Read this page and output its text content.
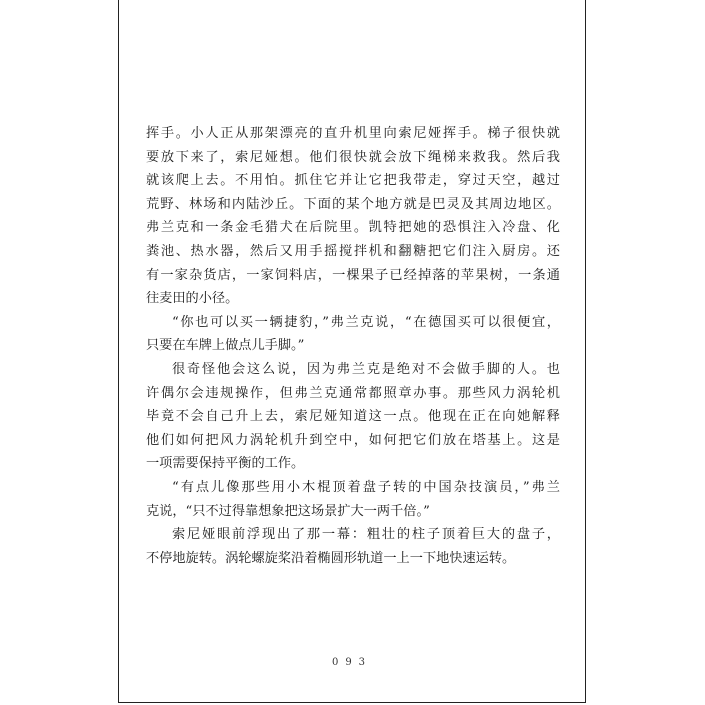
挥手。小人正从那架漂亮的直升机里向索尼娅挥手。梯子很快就
要放下来了，索尼娅想。他们很快就会放下绳梯来救我。然后我
就该爬上去。不用怕。抓住它并让它把我带走，穿过天空，越过
荒野、林场和内陆沙丘。下面的某个地方就是巴灵及其周边地区。
弗兰克和一条金毛猎犬在后院里。凯特把她的恐惧注入冷盘、化
粪池、热水器，然后又用手摇搅拌机和翻糖把它们注入厨房。还
有一家杂货店，一家饲料店，一棵果子已经掉落的苹果树，一条通
往麦田的小径。
“你也可以买一辆捷豹，”弗兰克说，“在德国买可以很便宜，
只要在车牌上做点儿手脚。”
很奇怪他会这么说，因为弗兰克是绝对不会做手脚的人。也
许偶尔会违规操作，但弗兰克通常都照章办事。那些风力涡轮机
毕竟不会自己升上去，索尼娅知道这一点。他现在正在向她解释
他们如何把风力涡轮机升到空中，如何把它们放在塔基上。这是
一项需要保持平衡的工作。
“有点儿像那些用小木棍顶着盘子转的中国杂技演员，”弗兰
克说，“只不过得靠想象把这场景扩大一两千倍。”
索尼娅眼前浮现出了那一幕：粗壮的柱子顶着巨大的盘子，
不停地旋转。涡轮螺旋桨沿着椭圆形轨道一上一下地快速运转。
093
